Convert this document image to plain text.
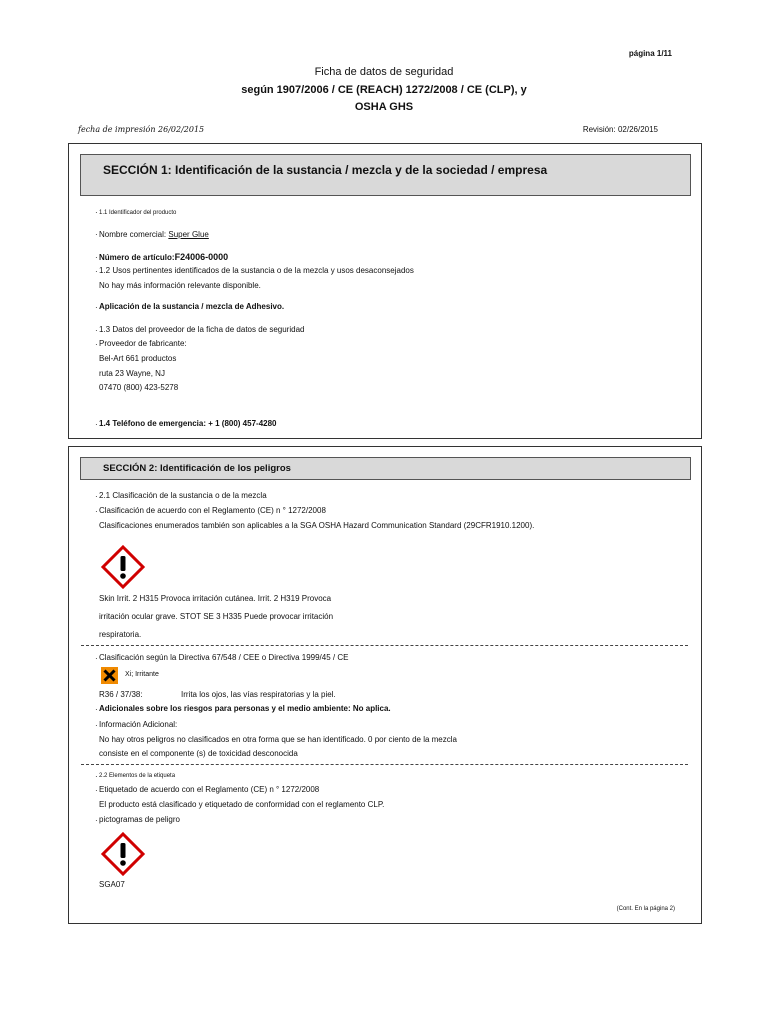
página 1/11
Ficha de datos de seguridad
según 1907/2006 / CE (REACH) 1272/2008 / CE (CLP), y
OSHA GHS
fecha de impresión 26/02/2015	Revisión: 02/26/2015
SECCIÓN 1: Identificación de la sustancia / mezcla y de la sociedad / empresa
· 1.1 Identificador del producto
· Nombre comercial: Super Glue
· Número de artículo:F24006-0000
· 1.2 Usos pertinentes identificados de la sustancia o de la mezcla y usos desaconsejados
No hay más información relevante disponible.
· Aplicación de la sustancia / mezcla de Adhesivo.
· 1.3 Datos del proveedor de la ficha de datos de seguridad
· Proveedor de fabricante:
Bel-Art 661 productos
ruta 23 Wayne, NJ
07470 (800) 423-5278
· 1.4 Teléfono de emergencia: + 1 (800) 457-4280
SECCIÓN 2: Identificación de los peligros
· 2.1 Clasificación de la sustancia o de la mezcla
· Clasificación de acuerdo con el Reglamento (CE) n ° 1272/2008
Clasificaciones enumerados también son aplicables a la SGA OSHA Hazard Communication Standard (29CFR1910.1200).
Skin Irrit. 2 H315 Provoca irritación cutánea. Irrit. 2 H319 Provoca
irritación ocular grave. STOT SE 3 H335 Puede provocar irritación
respiratoria.
· Clasificación según la Directiva 67/548 / CEE o Directiva 1999/45 / CE
Xi; Irritante
R36 / 37/38:	Irrita los ojos, las vías respiratorias y la piel.
· Adicionales sobre los riesgos para personas y el medio ambiente: No aplica.
· Información Adicional:
No hay otros peligros no clasificados en otra forma que se han identificado. 0 por ciento de la mezcla
consiste en el componente (s) de toxicidad desconocida
· 2.2 Elementos de la etiqueta
· Etiquetado de acuerdo con el Reglamento (CE) n ° 1272/2008
El producto está clasificado y etiquetado de conformidad con el reglamento CLP.
· pictogramas de peligro
SGA07
(Cont. En la página 2)
